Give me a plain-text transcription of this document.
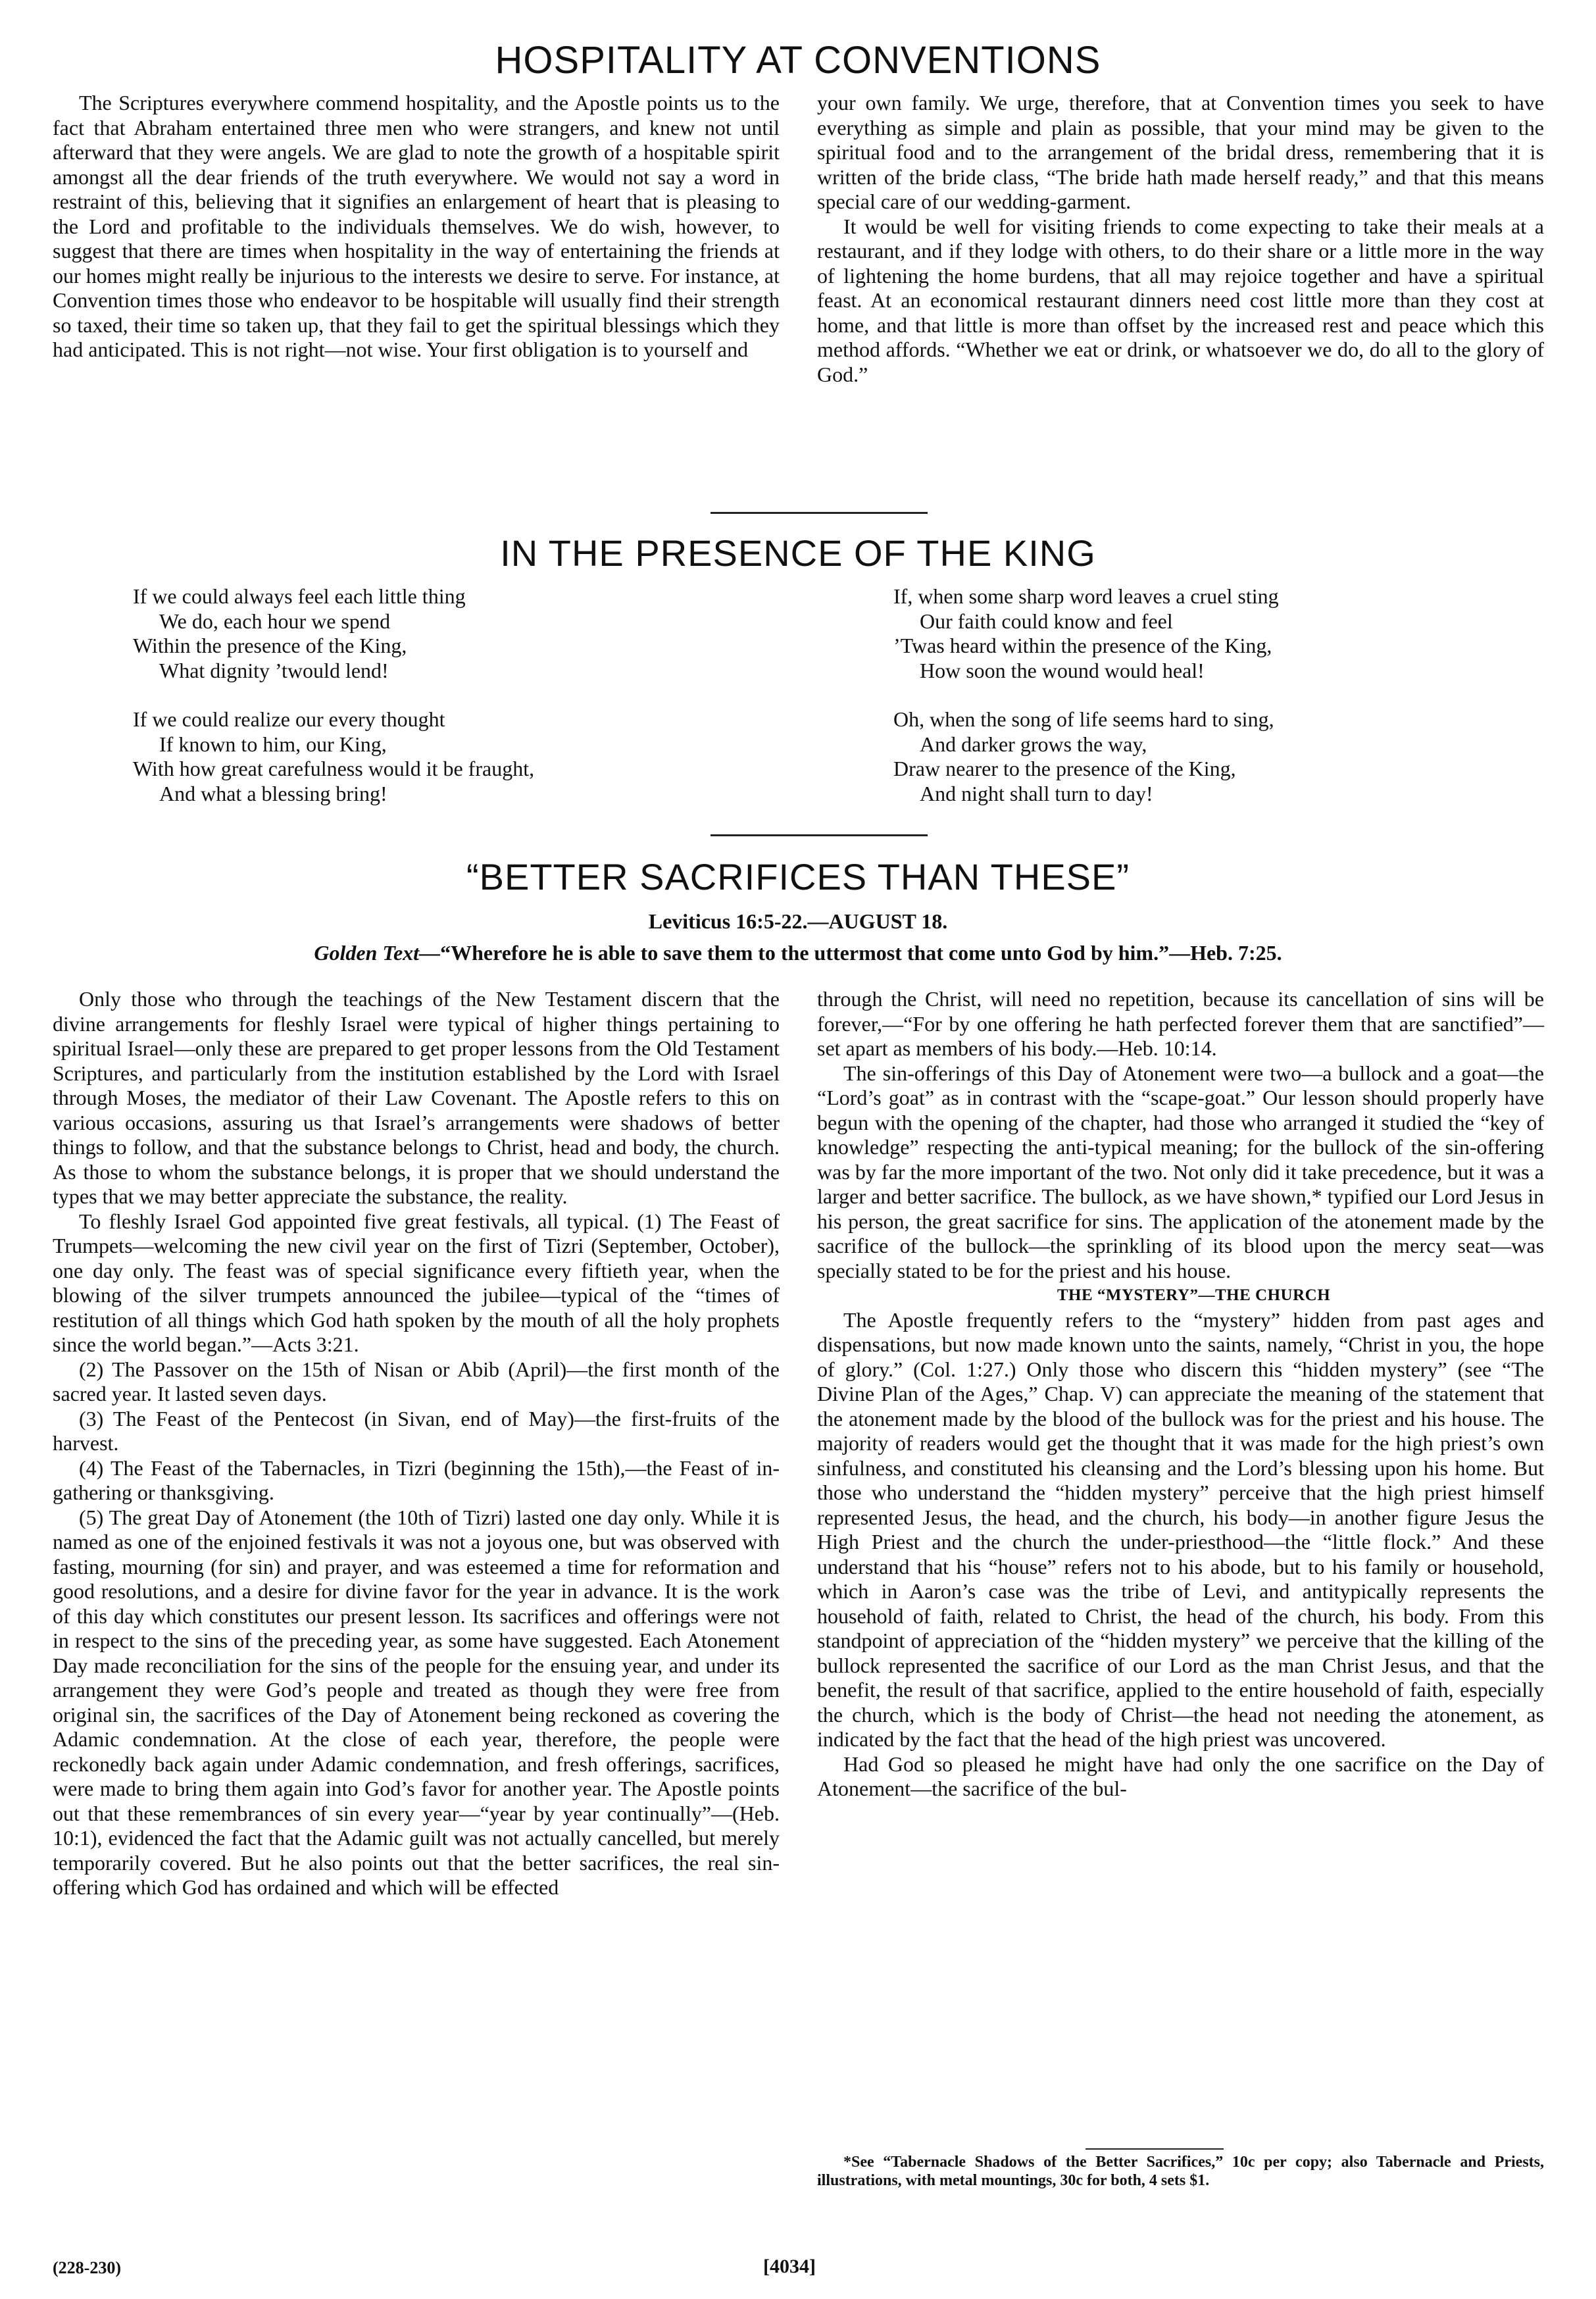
HOSPITALITY AT CONVENTIONS

The Scriptures everywhere commend hospitality, and the Apostle points us to the fact that Abraham entertained three men who were strangers, and knew not until afterward that they were angels. We are glad to note the growth of a hospitable spirit amongst all the dear friends of the truth everywhere. We would not say a word in restraint of this, believing that it signifies an enlargement of heart that is pleasing to the Lord and profitable to the individuals themselves. We do wish, however, to suggest that there are times when hospitality in the way of entertaining the friends at our homes might really be injurious to the interests we desire to serve. For instance, at Convention times those who endeavor to be hospitable will usually find their strength so taxed, their time so taken up, that they fail to get the spiritual blessings which they had anticipated. This is not right—not wise. Your first obligation is to yourself and

your own family. We urge, therefore, that at Convention times you seek to have everything as simple and plain as possible, that your mind may be given to the spiritual food and to the arrangement of the bridal dress, remembering that it is written of the bride class, “The bride hath made herself ready,” and that this means special care of our wedding-garment.

It would be well for visiting friends to come expecting to take their meals at a restaurant, and if they lodge with others, to do their share or a little more in the way of lightening the home burdens, that all may rejoice together and have a spiritual feast. At an economical restaurant dinners need cost little more than they cost at home, and that little is more than offset by the increased rest and peace which this method affords. “Whether we eat or drink, or whatsoever we do, do all to the glory of God.”

IN THE PRESENCE OF THE KING
If we could always feel each little thing
We do, each hour we spend
Within the presence of the King,
What dignity ’twould lend!
If we could realize our every thought
If known to him, our King,
With how great carefulness would it be fraught,
And what a blessing bring!
If, when some sharp word leaves a cruel sting
Our faith could know and feel
’Twas heard within the presence of the King,
How soon the wound would heal!
Oh, when the song of life seems hard to sing,
And darker grows the way,
Draw nearer to the presence of the King,
And night shall turn to day!
“BETTER SACRIFICES THAN THESE”
Leviticus 16:5-22.—AUGUST 18.
Golden Text—“Wherefore he is able to save them to the uttermost that come unto God by him.”—Heb. 7:25.

Only those who through the teachings of the New Testament discern that the divine arrangements for fleshly Israel were typical of higher things pertaining to spiritual Israel—only these are prepared to get proper lessons from the Old Testament Scriptures, and particularly from the institution established by the Lord with Israel through Moses, the mediator of their Law Covenant. The Apostle refers to this on various occasions, assuring us that Israel’s arrangements were shadows of better things to follow, and that the substance belongs to Christ, head and body, the church. As those to whom the substance belongs, it is proper that we should understand the types that we may better appreciate the substance, the reality.

To fleshly Israel God appointed five great festivals, all typical. (1) The Feast of Trumpets—welcoming the new civil year on the first of Tizri (September, October), one day only. The feast was of special significance every fiftieth year, when the blowing of the silver trumpets announced the jubilee—typical of the “times of restitution of all things which God hath spoken by the mouth of all the holy prophets since the world began.”—Acts 3:21.

(2) The Passover on the 15th of Nisan or Abib (April)—the first month of the sacred year. It lasted seven days.

(3) The Feast of the Pentecost (in Sivan, end of May)—the first-fruits of the harvest.

(4) The Feast of the Tabernacles, in Tizri (beginning the 15th),—the Feast of in-gathering or thanksgiving.

(5) The great Day of Atonement (the 10th of Tizri) lasted one day only. While it is named as one of the enjoined festivals it was not a joyous one, but was observed with fasting, mourning (for sin) and prayer, and was esteemed a time for reformation and good resolutions, and a desire for divine favor for the year in advance. It is the work of this day which constitutes our present lesson. Its sacrifices and offerings were not in respect to the sins of the preceding year, as some have suggested. Each Atonement Day made reconciliation for the sins of the people for the ensuing year, and under its arrangement they were God’s people and treated as though they were free from original sin, the sacrifices of the Day of Atonement being reckoned as covering the Adamic condemnation. At the close of each year, therefore, the people were reckonedly back again under Adamic condemnation, and fresh offerings, sacrifices, were made to bring them again into God’s favor for another year. The Apostle points out that these remembrances of sin every year—“year by year continually”—(Heb. 10:1), evidenced the fact that the Adamic guilt was not actually cancelled, but merely temporarily covered. But he also points out that the better sacrifices, the real sin-offering which God has ordained and which will be effected

through the Christ, will need no repetition, because its cancellation of sins will be forever,—“For by one offering he hath perfected forever them that are sanctified”—set apart as members of his body.—Heb. 10:14.

The sin-offerings of this Day of Atonement were two—a bullock and a goat—the “Lord’s goat” as in contrast with the “scape-goat.” Our lesson should properly have begun with the opening of the chapter, had those who arranged it studied the “key of knowledge” respecting the anti-typical meaning; for the bullock of the sin-offering was by far the more important of the two. Not only did it take precedence, but it was a larger and better sacrifice. The bullock, as we have shown,* typified our Lord Jesus in his person, the great sacrifice for sins. The application of the atonement made by the sacrifice of the bullock—the sprinkling of its blood upon the mercy seat—was specially stated to be for the priest and his house.

THE “MYSTERY”—THE CHURCH

The Apostle frequently refers to the “mystery” hidden from past ages and dispensations, but now made known unto the saints, namely, “Christ in you, the hope of glory.” (Col. 1:27.) Only those who discern this “hidden mystery” (see “The Divine Plan of the Ages,” Chap. V) can appreciate the meaning of the statement that the atonement made by the blood of the bullock was for the priest and his house. The majority of readers would get the thought that it was made for the high priest’s own sinfulness, and constituted his cleansing and the Lord’s blessing upon his home. But those who understand the “hidden mystery” perceive that the high priest himself represented Jesus, the head, and the church, his body—in another figure Jesus the High Priest and the church the under-priesthood—the “little flock.” And these understand that his “house” refers not to his abode, but to his family or household, which in Aaron’s case was the tribe of Levi, and antitypically represents the household of faith, related to Christ, the head of the church, his body. From this standpoint of appreciation of the “hidden mystery” we perceive that the killing of the bullock represented the sacrifice of our Lord as the man Christ Jesus, and that the benefit, the result of that sacrifice, applied to the entire household of faith, especially the church, which is the body of Christ—the head not needing the atonement, as indicated by the fact that the head of the high priest was uncovered.

Had God so pleased he might have had only the one sacrifice on the Day of Atonement—the sacrifice of the bul-

*See “Tabernacle Shadows of the Better Sacrifices,” 10c per copy; also Tabernacle and Priests, illustrations, with metal mountings, 30c for both, 4 sets $1.
(228-230)	[4034]
